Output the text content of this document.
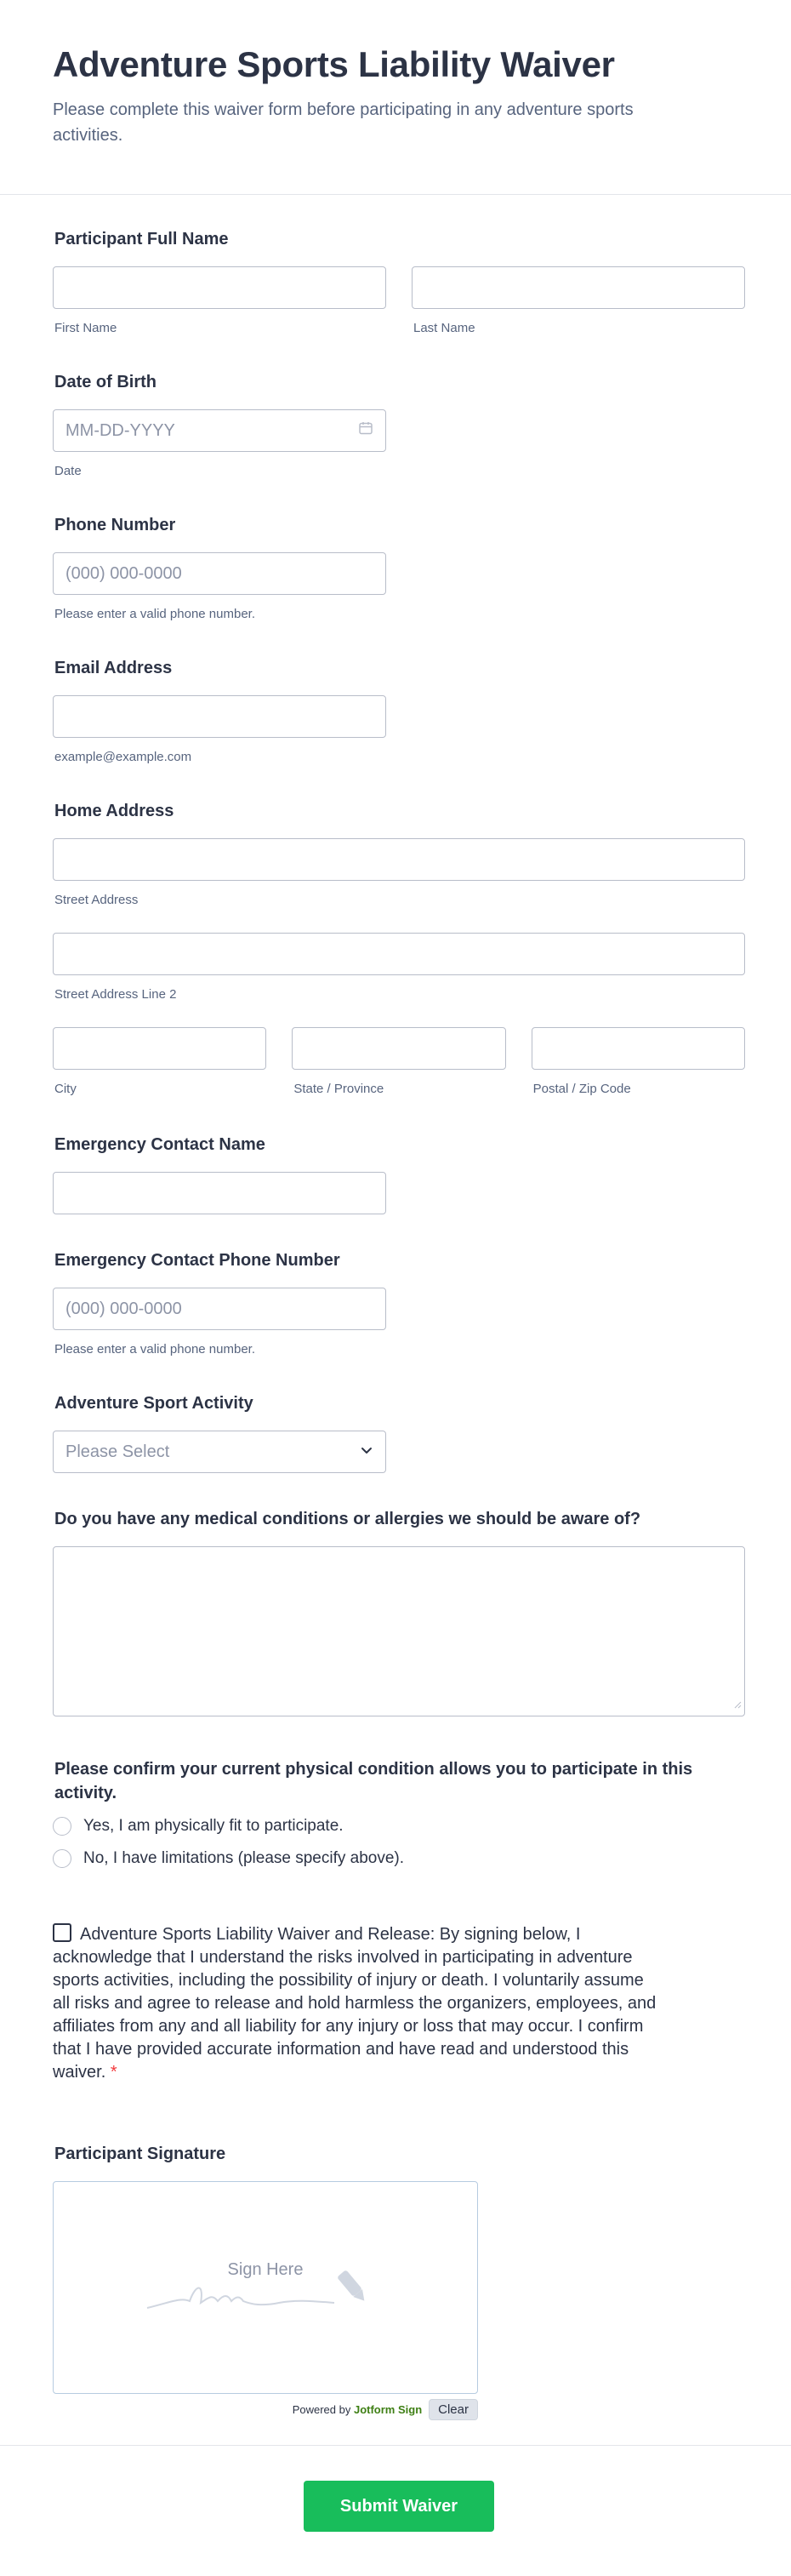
Adventure Sports Liability Waiver

Please complete this waiver form before participating in any adventure sports activities.

Participant Full Name
First Name	Last Name
Date of Birth
MM-DD-YYYY
Date
Phone Number
(000) 000-0000
Please enter a valid phone number.
Email Address
example@example.com
Home Address
Street Address
Street Address Line 2
City	State / Province	Postal / Zip Code
Emergency Contact Name
Emergency Contact Phone Number
(000) 000-0000
Please enter a valid phone number.
Adventure Sport Activity
Please Select
Do you have any medical conditions or allergies we should be aware of?
Please confirm your current physical condition allows you to participate in this activity.
Yes, I am physically fit to participate.
No, I have limitations (please specify above).
Adventure Sports Liability Waiver and Release: By signing below, I acknowledge that I understand the risks involved in participating in adventure sports activities, including the possibility of injury or death. I voluntarily assume all risks and agree to release and hold harmless the organizers, employees, and affiliates from any and all liability for any injury or loss that may occur. I confirm that I have provided accurate information and have read and understood this waiver. *
Participant Signature
Sign Here
Powered by Jotform Sign	Clear
Submit Waiver
